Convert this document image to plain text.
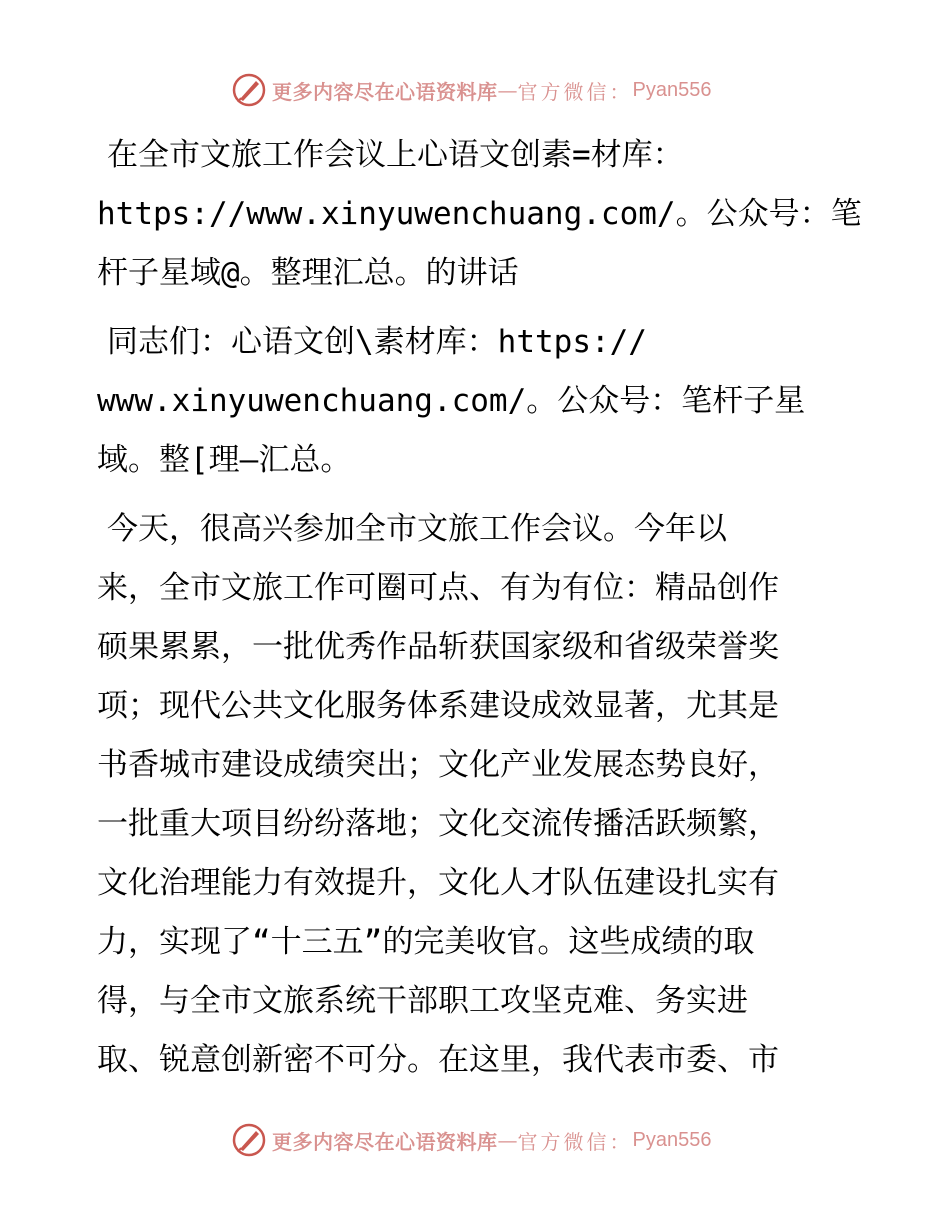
更多内容尽在心语资料库 — 官方微信： Pyan556
在全市文旅工作会议上心语文创素=材库：
https://www.xinyuwenchuang.com/。公众号：笔
杆子星域@。整理汇总。的讲话
同志们：心语文创\素材库：https://
www.xinyuwenchuang.com/。公众号：笔杆子星
域。整[理—汇总。
今天，很高兴参加全市文旅工作会议。今年以
来，全市文旅工作可圈可点、有为有位：精品创作
硕果累累，一批优秀作品斩获国家级和省级荣誉奖
项；现代公共文化服务体系建设成效显著，尤其是
书香城市建设成绩突出；文化产业发展态势良好，
一批重大项目纷纷落地；文化交流传播活跃频繁，
文化治理能力有效提升，文化人才队伍建设扎实有
力，实现了“十三五”的完美收官。这些成绩的取
得，与全市文旅系统干部职工攻坚克难、务实进
取、锐意创新密不可分。在这里，我代表市委、市
更多内容尽在心语资料库 — 官方微信： Pyan556
